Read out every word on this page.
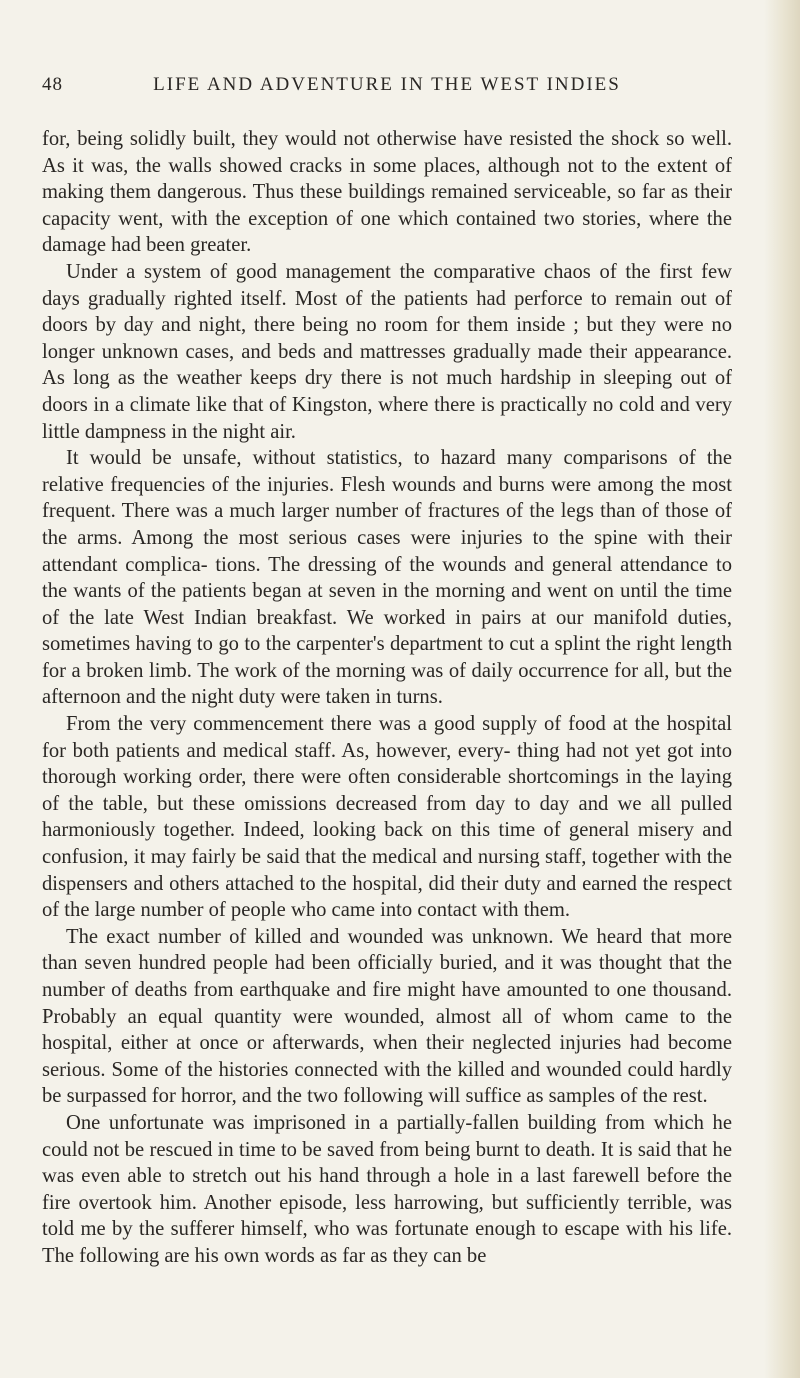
48	LIFE AND ADVENTURE IN THE WEST INDIES

for, being solidly built, they would not otherwise have resisted the shock so well. As it was, the walls showed cracks in some places, although not to the extent of making them dangerous. Thus these buildings remained serviceable, so far as their capacity went, with the exception of one which contained two stories, where the damage had been greater.

Under a system of good management the comparative chaos of the first few days gradually righted itself. Most of the patients had perforce to remain out of doors by day and night, there being no room for them inside ; but they were no longer unknown cases, and beds and mattresses gradually made their appearance. As long as the weather keeps dry there is not much hardship in sleeping out of doors in a climate like that of Kingston, where there is practically no cold and very little dampness in the night air.

It would be unsafe, without statistics, to hazard many comparisons of the relative frequencies of the injuries. Flesh wounds and burns were among the most frequent. There was a much larger number of fractures of the legs than of those of the arms. Among the most serious cases were injuries to the spine with their attendant complica- tions. The dressing of the wounds and general attendance to the wants of the patients began at seven in the morning and went on until the time of the late West Indian breakfast. We worked in pairs at our manifold duties, sometimes having to go to the carpenter's department to cut a splint the right length for a broken limb. The work of the morning was of daily occurrence for all, but the afternoon and the night duty were taken in turns.

From the very commencement there was a good supply of food at the hospital for both patients and medical staff. As, however, every- thing had not yet got into thorough working order, there were often considerable shortcomings in the laying of the table, but these omissions decreased from day to day and we all pulled harmoniously together. Indeed, looking back on this time of general misery and confusion, it may fairly be said that the medical and nursing staff, together with the dispensers and others attached to the hospital, did their duty and earned the respect of the large number of people who came into contact with them.

The exact number of killed and wounded was unknown. We heard that more than seven hundred people had been officially buried, and it was thought that the number of deaths from earthquake and fire might have amounted to one thousand. Probably an equal quantity were wounded, almost all of whom came to the hospital, either at once or afterwards, when their neglected injuries had become serious. Some of the histories connected with the killed and wounded could hardly be surpassed for horror, and the two following will suffice as samples of the rest.

One unfortunate was imprisoned in a partially-fallen building from which he could not be rescued in time to be saved from being burnt to death. It is said that he was even able to stretch out his hand through a hole in a last farewell before the fire overtook him. Another episode, less harrowing, but sufficiently terrible, was told me by the sufferer himself, who was fortunate enough to escape with his life. The following are his own words as far as they can be
